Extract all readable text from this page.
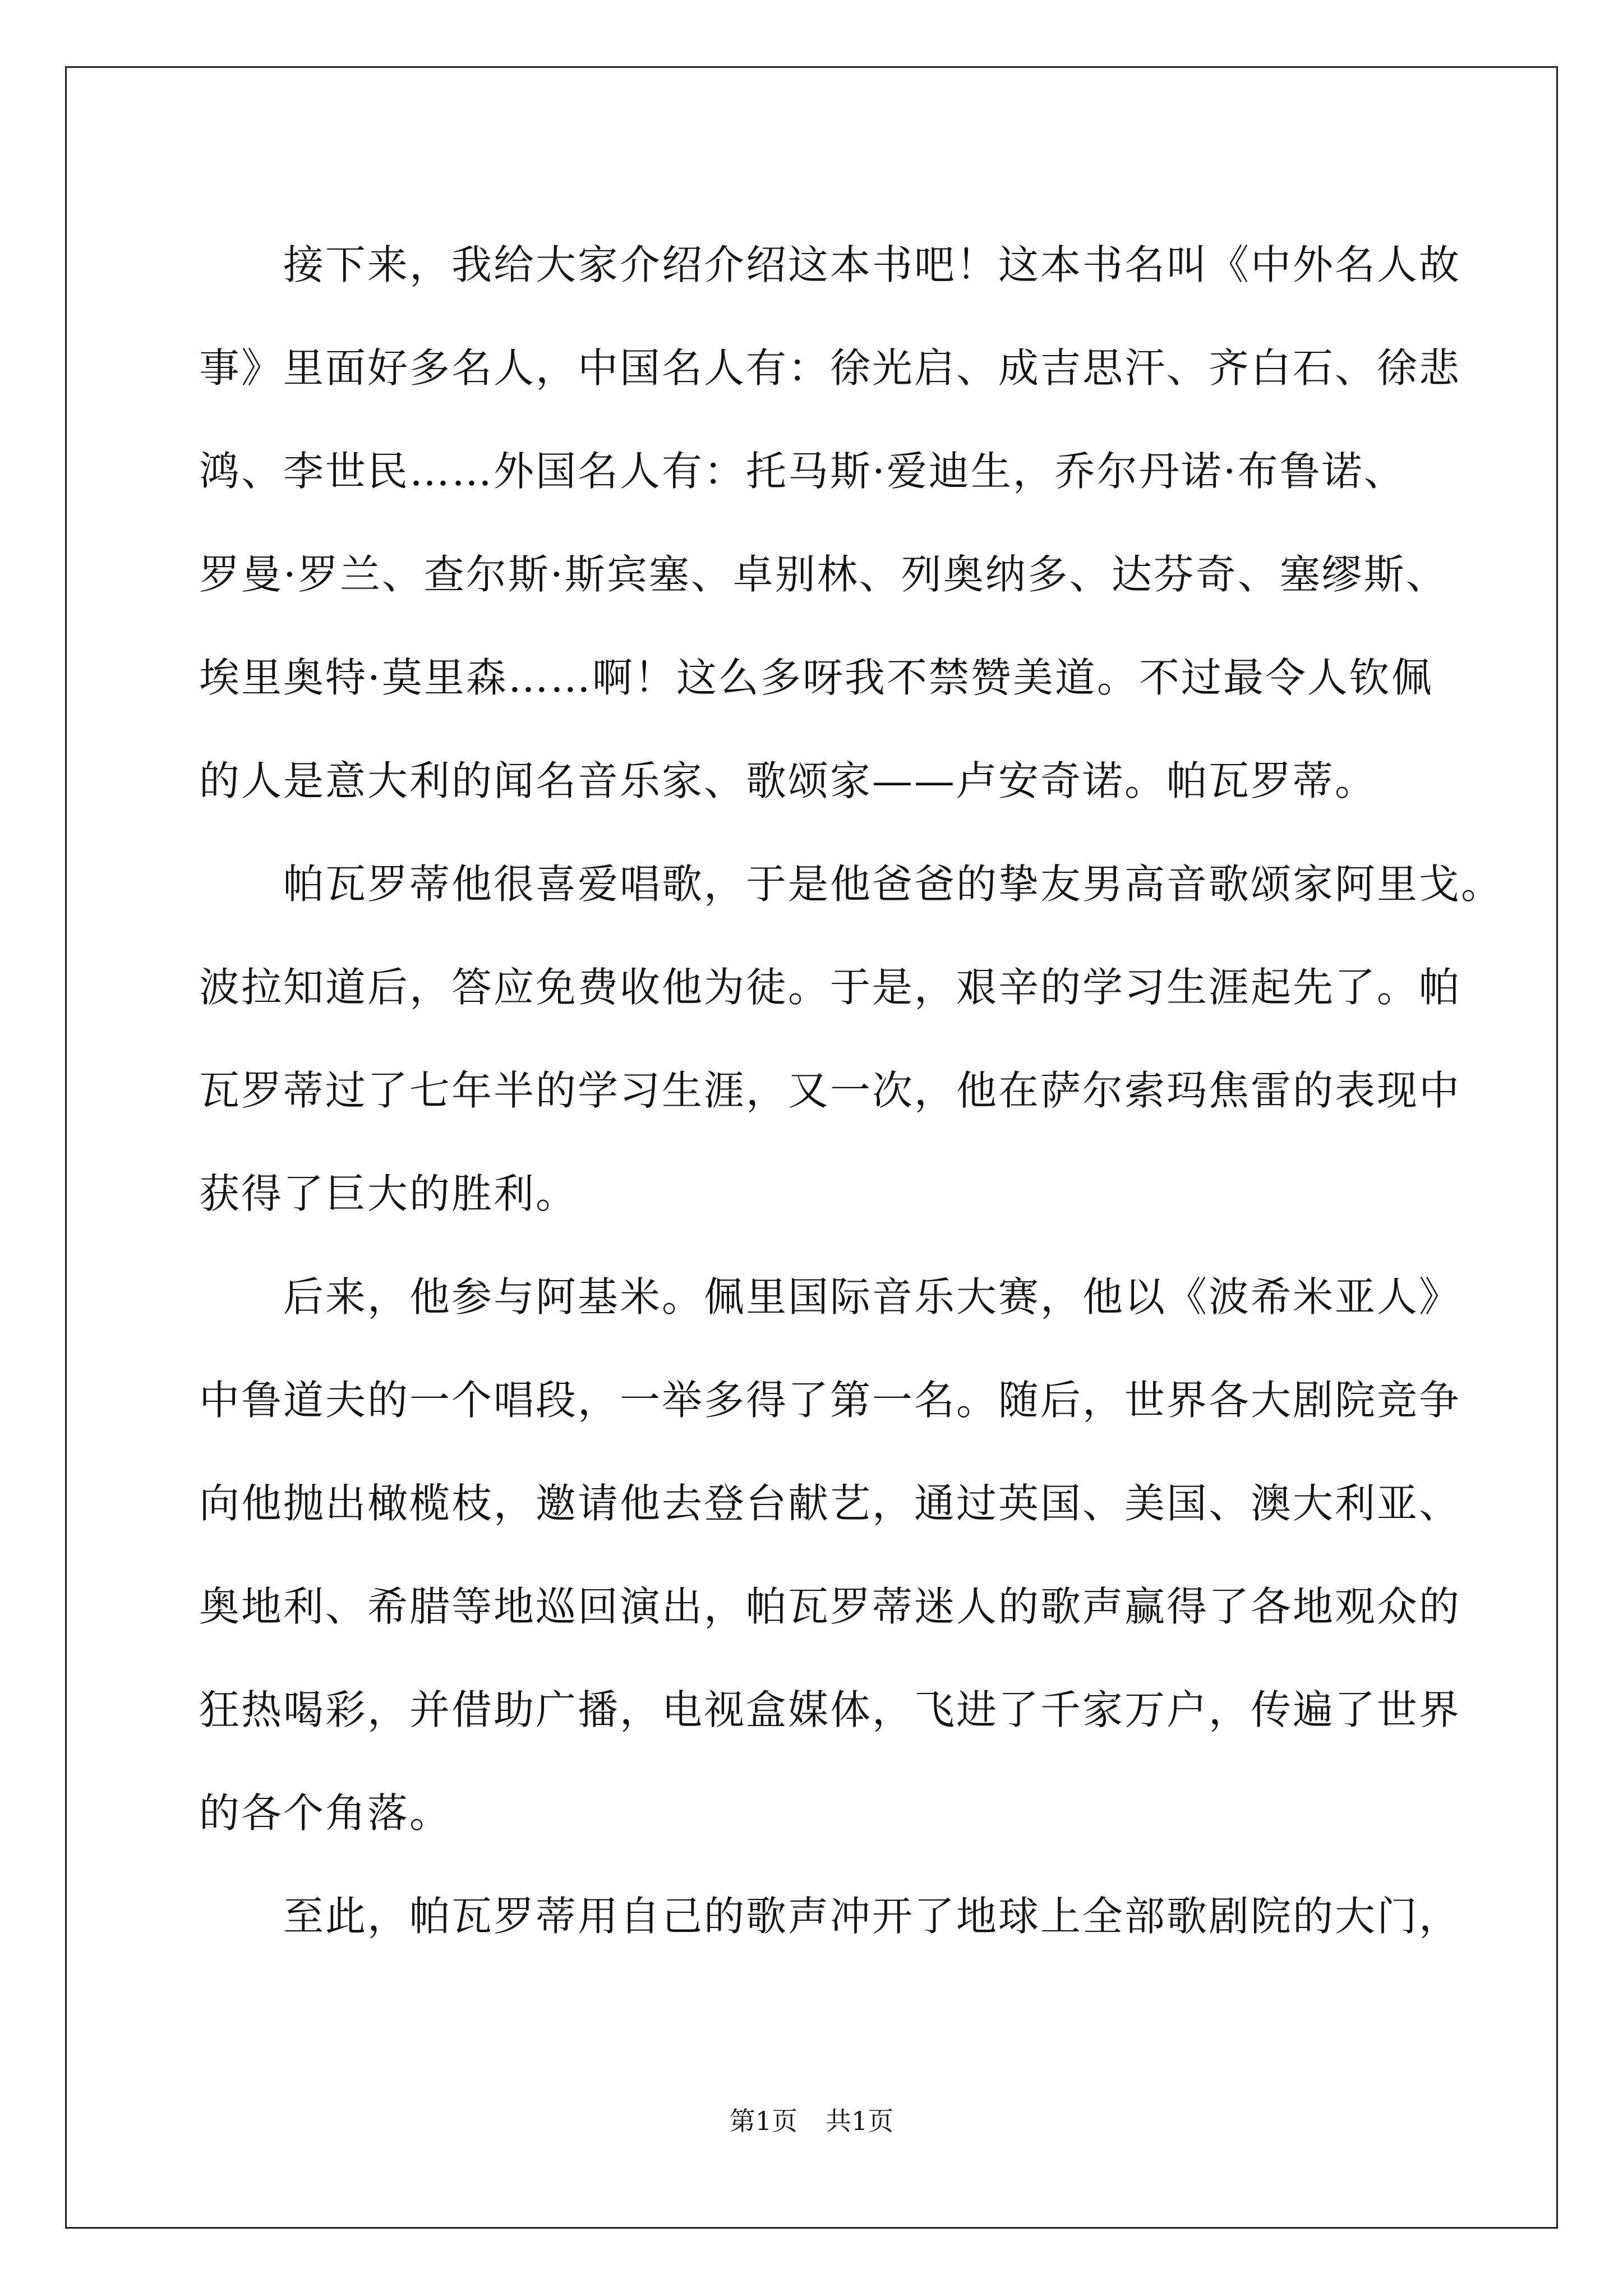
接下来，我给大家介绍介绍这本书吧！这本书名叫《中外名人故

事》里面好多名人，中国名人有：徐光启、成吉思汗、齐白石、徐悲

鸿、李世民……外国名人有：托马斯·爱迪生，乔尔丹诺·布鲁诺、

罗曼·罗兰、查尔斯·斯宾塞、卓别林、列奥纳多、达芬奇、塞缪斯、

埃里奥特·莫里森……啊！这么多呀我不禁赞美道。不过最令人钦佩

的人是意大利的闻名音乐家、歌颂家——卢安奇诺。帕瓦罗蒂。

帕瓦罗蒂他很喜爱唱歌，于是他爸爸的挚友男高音歌颂家阿里戈。

波拉知道后，答应免费收他为徒。于是，艰辛的学习生涯起先了。帕

瓦罗蒂过了七年半的学习生涯，又一次，他在萨尔索玛焦雷的表现中

获得了巨大的胜利。

后来，他参与阿基米。佩里国际音乐大赛，他以《波希米亚人》

中鲁道夫的一个唱段，一举多得了第一名。随后，世界各大剧院竞争

向他抛出橄榄枝，邀请他去登台献艺，通过英国、美国、澳大利亚、

奥地利、希腊等地巡回演出，帕瓦罗蒂迷人的歌声赢得了各地观众的

狂热喝彩，并借助广播，电视盒媒体，飞进了千家万户，传遍了世界

的各个角落。

至此，帕瓦罗蒂用自己的歌声冲开了地球上全部歌剧院的大门，

第1页 共1页
